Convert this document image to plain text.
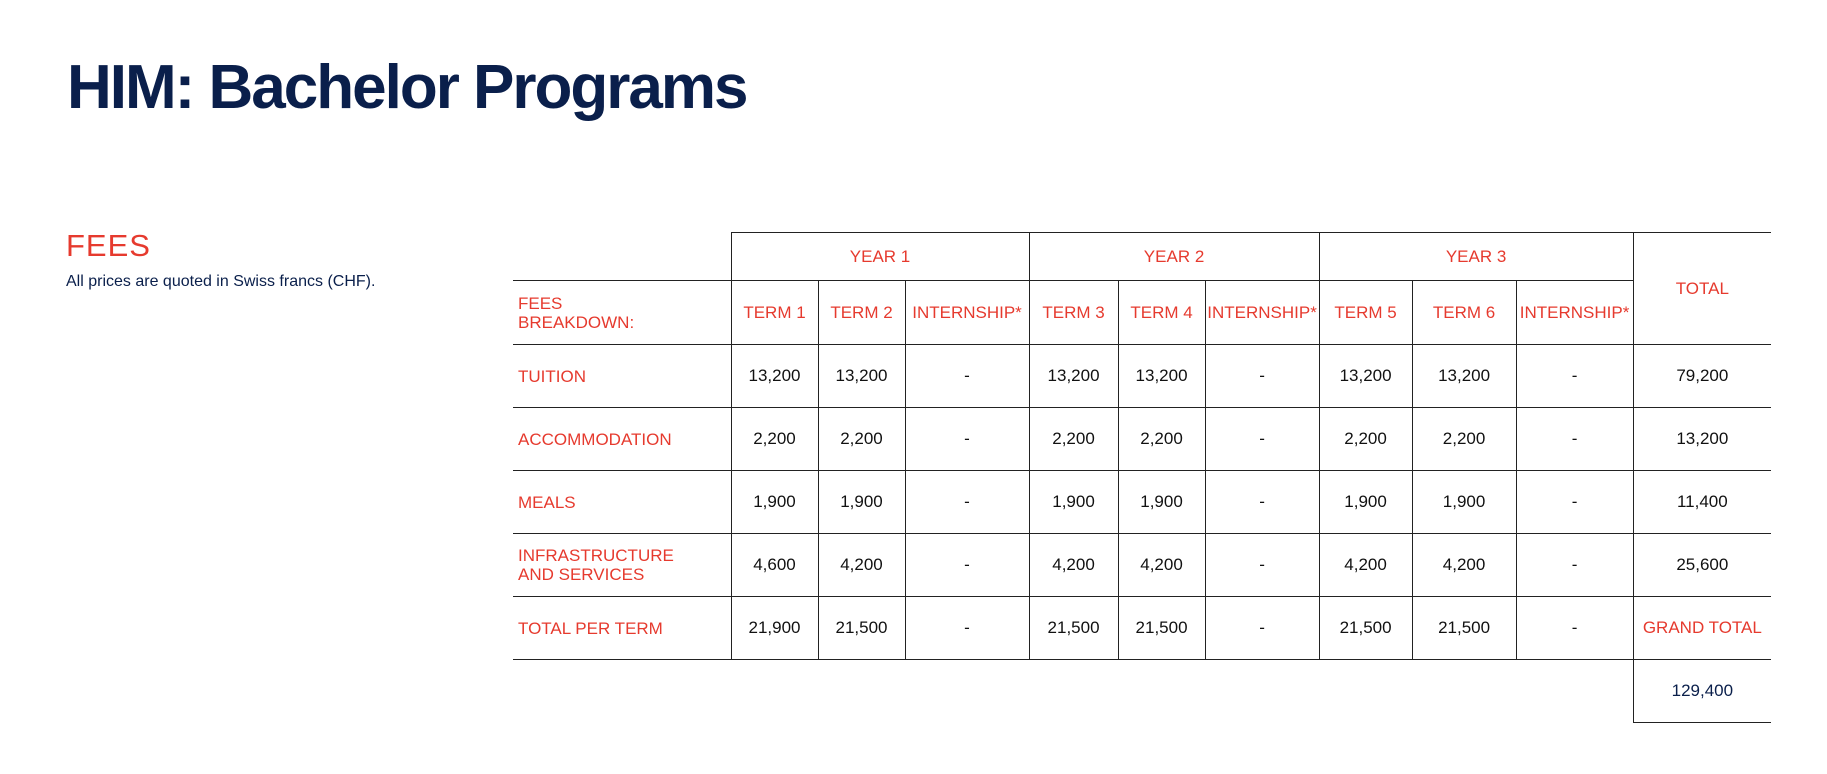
HIM: Bachelor Programs
FEES
All prices are quoted in Swiss francs (CHF).
	YEAR 1			YEAR 2			YEAR 3			TOTAL

FEES
BREAKDOWN:	TERM 1	TERM 2	INTERNSHIP*	TERM 3	TERM 4	INTERNSHIP*	TERM 5	TERM 6	INTERNSHIP*	

TUITION	13,200	13,200	-	13,200	13,200	-	13,200	13,200	-	79,200

ACCOMMODATION	2,200	2,200	-	2,200	2,200	-	2,200	2,200	-	13,200

MEALS	1,900	1,900	-	1,900	1,900	-	1,900	1,900	-	11,400

INFRASTRUCTURE
AND SERVICES	4,600	4,200	-	4,200	4,200	-	4,200	4,200	-	25,600

TOTAL PER TERM	21,900	21,500	-	21,500	21,500	-	21,500	21,500	-	GRAND TOTAL
										129,400
